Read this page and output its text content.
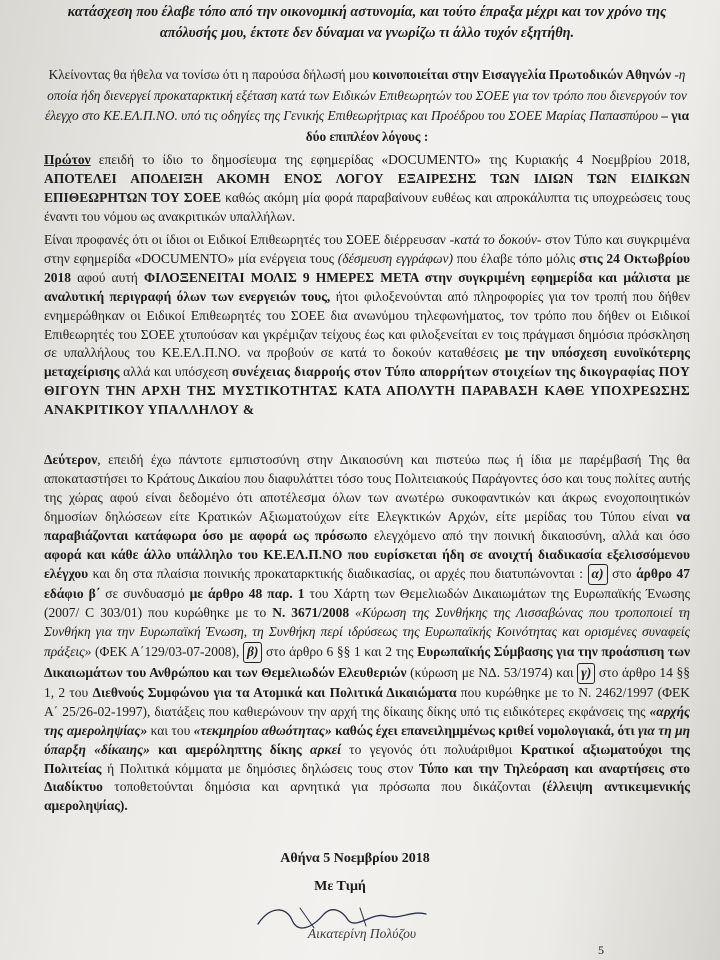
κατάσχεση που έλαβε τόπο από την οικονομική αστυνομία, και τούτο έπραξα μέχρι και τον χρόνο της

απόλυσής μου, έκτοτε δεν δύναμαι να γνωρίζω τι άλλο τυχόν εξητήθη.

Κλείνοντας θα ήθελα να τονίσω ότι η παρούσα δήλωσή μου κοινοποιείται στην Εισαγγελία Πρωτοδικών Αθηνών -η οποία ήδη διενεργεί προκαταρκτική εξέταση κατά των Ειδικών Επιθεωρητών του ΣΟΕΕ για τον τρόπο που διενεργούν τον έλεγχο στο ΚΕ.ΕΛ.Π.ΝΟ. υπό τις οδηγίες της Γενικής Επιθεωρήτριας και Προέδρου του ΣΟΕΕ Μαρίας Παπασπύρου – για δύο επιπλέον λόγους :
Πρώτον επειδή το ίδιο το δημοσίευμα της εφημερίδας «DOCUMENTO» της Κυριακής 4 Νοεμβρίου 2018, ΑΠΟΤΕΛΕΙ ΑΠΟΔΕΙΞΗ ΑΚΟΜΗ ΕΝΟΣ ΛΟΓΟΥ ΕΞΑΙΡΕΣΗΣ ΤΩΝ ΙΔΙΩΝ ΤΩΝ ΕΙΔΙΚΩΝ ΕΠΙΘΕΩΡΗΤΩΝ ΤΟΥ ΣΟΕΕ καθώς ακόμη μία φορά παραβαίνουν ευθέως και απροκάλυπτα τις υποχρεώσεις τους έναντι του νόμου ως ανακριτικών υπαλλήλων.
Είναι προφανές ότι οι ίδιοι οι Ειδικοί Επιθεωρητές του ΣΟΕΕ διέρρευσαν -κατά το δοκούν- στον Τύπο και συγκριμένα στην εφημερίδα «DOCUMENTO» μία ενέργεια τους (δέσμευση εγγράφων) που έλαβε τόπο μόλις στις 24 Οκτωβρίου 2018 αφού αυτή ΦΙΛΟΞΕΝΕΙΤΑΙ ΜΟΛΙΣ 9 ΗΜΕΡΕΣ ΜΕΤΑ στην συγκριμένη εφημερίδα και μάλιστα με αναλυτική περιγραφή όλων των ενεργειών τους, ήτοι φιλοξενούνται από πληροφορίες για τον τροπή που δήθεν ενημερώθηκαν οι Ειδικοί Επιθεωρητές του ΣΟΕΕ δια ανωνύμου τηλεφωνήματος, τον τρόπο που δήθεν οι Ειδικοί Επιθεωρητές του ΣΟΕΕ χτυπούσαν και γκρέμιζαν τείχους έως και φιλοξενείται εν τοις πράγμασι δημόσια πρόσκληση σε υπαλλήλους του ΚΕ.ΕΛ.Π.ΝΟ. να προβούν σε κατά το δοκούν καταθέσεις με την υπόσχεση ευνοϊκότερης μεταχείρισης αλλά και υπόσχεση συνέχειας διαρροής στον Τύπο απορρήτων στοιχείων της δικογραφίας ΠΟΥ ΘΙΓΟΥΝ ΤΗΝ ΑΡΧΗ ΤΗΣ ΜΥΣΤΙΚΟΤΗΤΑΣ ΚΑΤΑ ΑΠΟΛΥΤΗ ΠΑΡΑΒΑΣΗ ΚΑΘΕ ΥΠΟΧΡΕΩΣΗΣ ΑΝΑΚΡΙΤΙΚΟΥ ΥΠΑΛΛΗΛΟΥ &
Δεύτερον, επειδή έχω πάντοτε εμπιστοσύνη στην Δικαιοσύνη και πιστεύω πως ή ίδια με παρέμβασή Της θα αποκαταστήσει το Κράτους Δικαίου που διαφυλάττει τόσο τους Πολιτειακούς Παράγοντες όσο και τους πολίτες αυτής της χώρας αφού είναι δεδομένο ότι αποτέλεσμα όλων των ανωτέρω συκοφαντικών και άκρως ενοχοποιητικών δημοσίων δηλώσεων είτε Κρατικών Αξιωματούχων είτε Ελεγκτικών Αρχών, είτε μερίδας του Τύπου είναι να παραβιάζονται κατάφωρα όσο με αφορά ως πρόσωπο ελεγχόμενο από την ποινική δικαιοσύνη, αλλά και όσο αφορά και κάθε άλλο υπάλληλο του ΚΕ.ΕΛ.Π.ΝΟ που ευρίσκεται ήδη σε ανοιχτή διαδικασία εξελισσόμενου ελέγχου και δη στα πλαίσια ποινικής προκαταρκτικής διαδικασίας, οι αρχές που διατυπώνονται : α) στο άρθρο 47 εδάφιο β΄ σε συνδυασμό με άρθρο 48 παρ. 1 του Χάρτη των Θεμελιωδών Δικαιωμάτων της Ευρωπαϊκής Ένωσης (2007/ C 303/01) που κυρώθηκε με το Ν. 3671/2008 «Κύρωση της Συνθήκης της Λισσαβώνας που τροποποιεί τη Συνθήκη για την Ευρωπαϊκή Ένωση, τη Συνθήκη περί ιδρύσεως της Ευρωπαϊκής Κοινότητας και ορισμένες συναφείς πράξεις» (ΦΕΚ Α΄129/03-07-2008), β) στο άρθρο 6 §§ 1 και 2 της Ευρωπαϊκής Σύμβασης για την προάσπιση των Δικαιωμάτων του Ανθρώπου και των Θεμελιωδών Ελευθεριών (κύρωση με ΝΔ. 53/1974) και γ) στο άρθρο 14 §§ 1, 2 του Διεθνούς Συμφώνου για τα Ατομικά και Πολιτικά Δικαιώματα που κυρώθηκε με το Ν. 2462/1997 (ΦΕΚ Α΄ 25/26-02-1997), διατάξεις που καθιερώνουν την αρχή της δίκαιης δίκης υπό τις ειδικότερες εκφάνσεις της «αρχής της αμεροληψίας» και του «τεκμηρίου αθωότητας» καθώς έχει επανειλημμένως κριθεί νομολογιακά, ότι για τη μη ύπαρξη «δίκαιης» και αμερόληπτης δίκης αρκεί το γεγονός ότι πολυάριθμοι Κρατικοί αξιωματούχοι της Πολιτείας ή Πολιτικά κόμματα με δημόσιες δηλώσεις τους στον Τύπο και την Τηλεόραση και αναρτήσεις στο Διαδίκτυο τοποθετούνται δημόσια και αρνητικά για πρόσωπα που δικάζονται (έλλειψη αντικειμενικής αμεροληψίας).
Αθήνα 5 Νοεμβρίου 2018
Με Τιμή
Αικατερίνη Πολύζου
5
